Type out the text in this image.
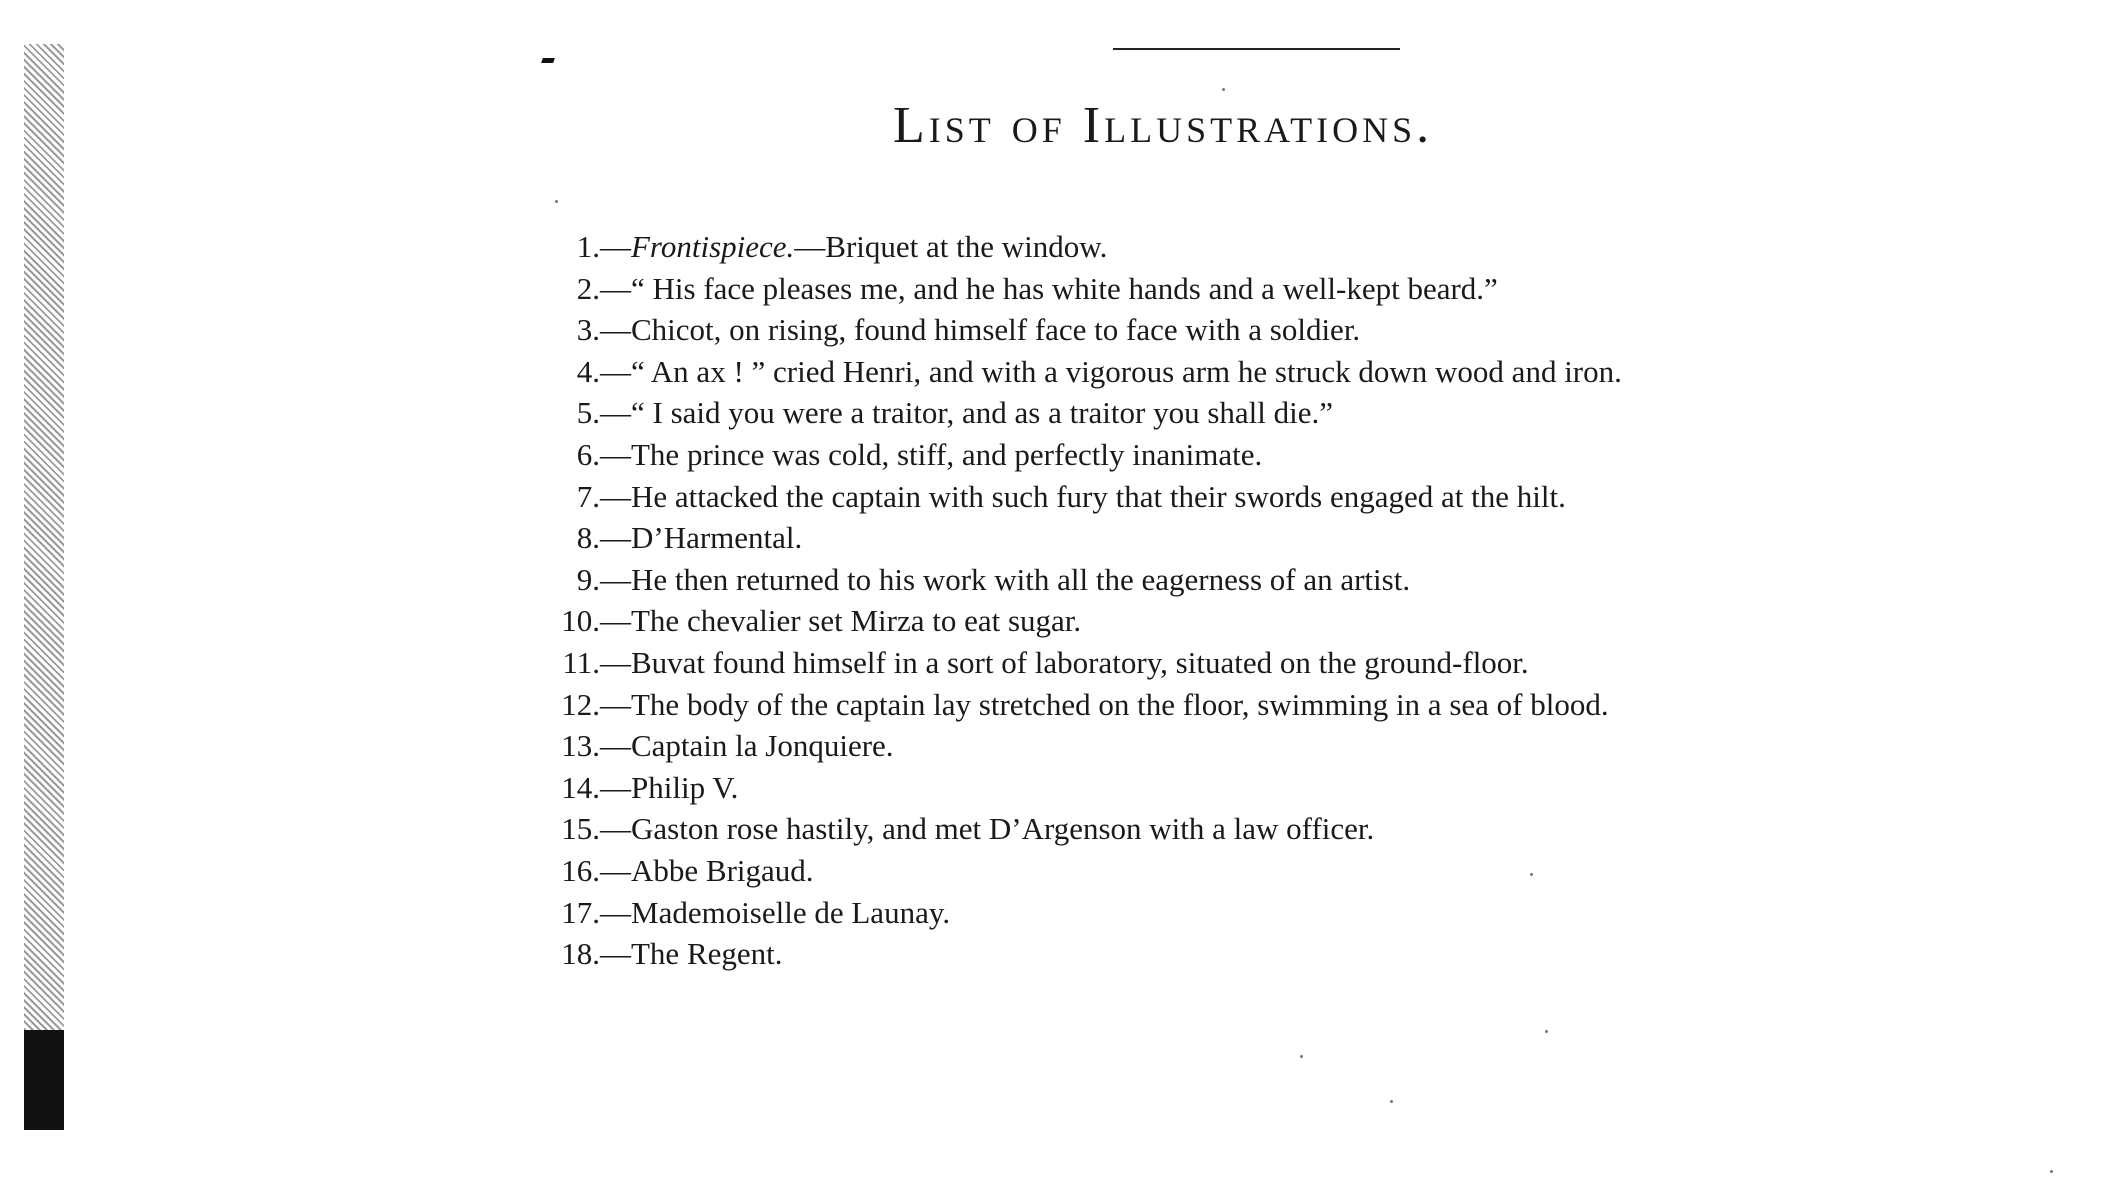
List of Illustrations.
1.—Frontispiece.—Briquet at the window.
2.—“ His face pleases me, and he has white hands and a well-kept beard.”
3.—Chicot, on rising, found himself face to face with a soldier.
4.—“ An ax ! ” cried Henri, and with a vigorous arm he struck down wood and iron.
5.—“ I said you were a traitor, and as a traitor you shall die.”
6.—The prince was cold, stiff, and perfectly inanimate.
7.—He attacked the captain with such fury that their swords engaged at the hilt.
8.—D’Harmental.
9.—He then returned to his work with all the eagerness of an artist.
10.—The chevalier set Mirza to eat sugar.
11.—Buvat found himself in a sort of laboratory, situated on the ground-floor.
12.—The body of the captain lay stretched on the floor, swimming in a sea of blood.
13.—Captain la Jonquiere.
14.—Philip V.
15.—Gaston rose hastily, and met D’Argenson with a law officer.
16.—Abbe Brigaud.
17.—Mademoiselle de Launay.
18.—The Regent.
